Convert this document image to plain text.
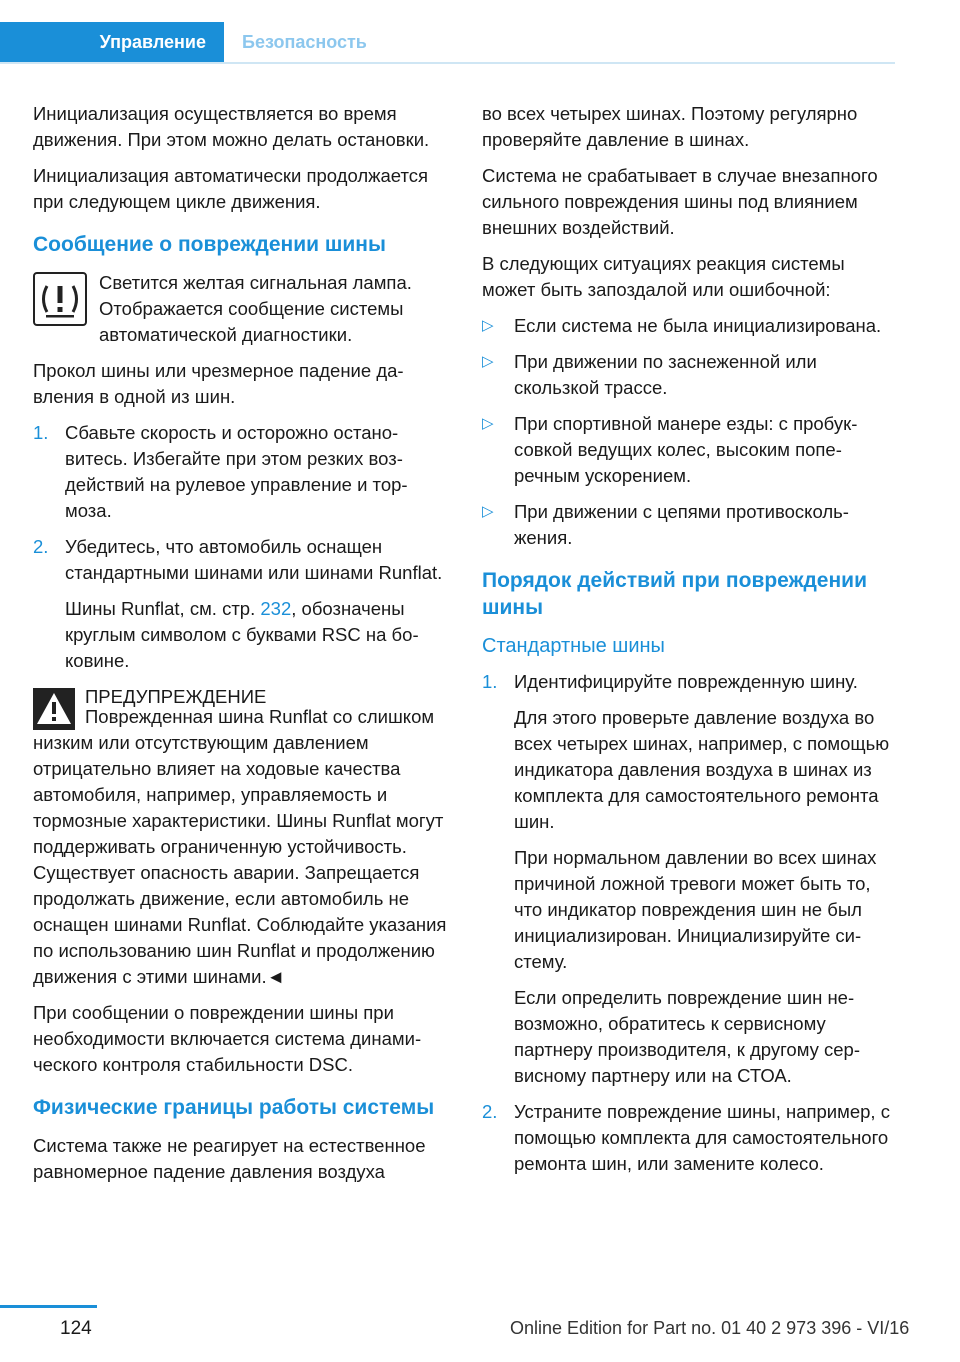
Управление	Безопасность

Инициализация осуществляется во время движения. При этом можно делать остановки.

Инициализация автоматически продолжается при следующем цикле движения.

Сообщение о повреждении шины
Светится желтая сигнальная лампа. Отображается сообщение системы автоматической диагностики.

Прокол шины или чрезмерное падение давления в одной из шин.

1. Сбавьте скорость и осторожно остановитесь. Избегайте при этом резких воздействий на рулевое управление и тормоза.

2. Убедитесь, что автомобиль оснащен стандартными шинами или шинами Runflat.

Шины Runflat, см. стр. 232, обозначены круглым символом с буквами RSC на боковине.

ПРЕДУПРЕЖДЕНИЕ
Поврежденная шина Runflat со слишком низким или отсутствующим давлением отрицательно влияет на ходовые качества автомобиля, например, управляемость и тормозные характеристики. Шины Runflat могут поддерживать ограниченную устойчивость. Существует опасность аварии. Запрещается продолжать движение, если автомобиль не оснащен шинами Runflat. Соблюдайте указания по использованию шин Runflat и продолжению движения с этими шинами.◄

При сообщении о повреждении шины при необходимости включается система динамического контроля стабильности DSC.

Физические границы работы системы

Система также не реагирует на естественное равномерное падение давления воздуха

во всех четырех шинах. Поэтому регулярно проверяйте давление в шинах.

Система не срабатывает в случае внезапного сильного повреждения шины под влиянием внешних воздействий.

В следующих ситуациях реакция системы может быть запоздалой или ошибочной:

▷	Если система не была инициализирована.
▷	При движении по заснеженной или скользкой трассе.
▷	При спортивной манере езды: с пробуксовкой ведущих колес, высоким поперечным ускорением.
▷	При движении с цепями противоскольжения.
Порядок действий при повреждении шины
Стандартные шины
1. Идентифицируйте поврежденную шину.

Для этого проверьте давление воздуха во всех четырех шинах, например, с помощью индикатора давления воздуха в шинах из комплекта для самостоятельного ремонта шин.

При нормальном давлении во всех шинах причиной ложной тревоги может быть то, что индикатор повреждения шин не был инициализирован. Инициализируйте систему.

Если определить повреждение шин невозможно, обратитесь к сервисному партнеру производителя, к другому сервисному партнеру или на СТОА.

2. Устраните повреждение шины, например, с помощью комплекта для самостоятельного ремонта шин, или замените колесо.

124	Online Edition for Part no. 01 40 2 973 396 - VI/16
